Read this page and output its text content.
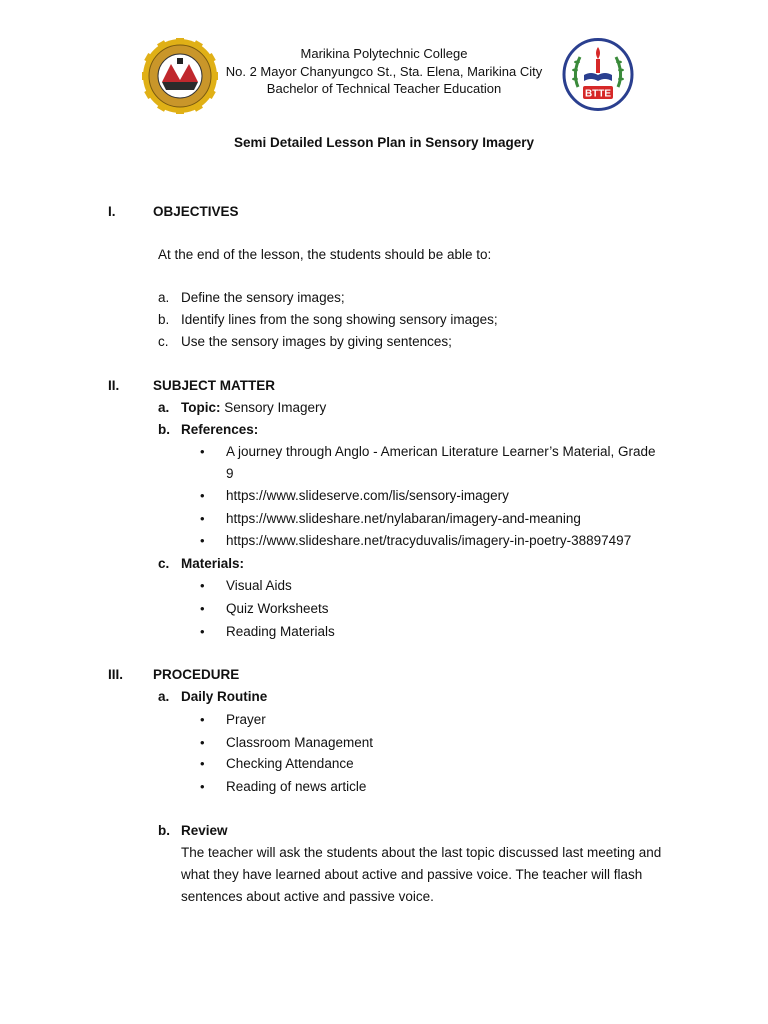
BTTE
Marikina Polytechnic College
No. 2 Mayor Chanyungco St., Sta. Elena, Marikina City
Bachelor of Technical Teacher Education
Semi Detailed Lesson Plan in Sensory Imagery
I.	OBJECTIVES
At the end of the lesson, the students should be able to:
a. Define the sensory images;
b. Identify lines from the song showing sensory images;
c. Use the sensory images by giving sentences;
II. SUBJECT MATTER
a. Topic: Sensory Imagery
b. References:
• A journey through Anglo - American Literature Learner’s Material, Grade
9
• https://www.slideserve.com/lis/sensory-imagery
• https://www.slideshare.net/nylabaran/imagery-and-meaning
• https://www.slideshare.net/tracyduvalis/imagery-in-poetry-38897497
c. Materials:
• Visual Aids
• Quiz Worksheets
• Reading Materials
III. PROCEDURE
a. Daily Routine
• Prayer
• Classroom Management
• Checking Attendance
• Reading of news article
b. Review
The teacher will ask the students about the last topic discussed last meeting and
what they have learned about active and passive voice. The teacher will flash
sentences about active and passive voice.
